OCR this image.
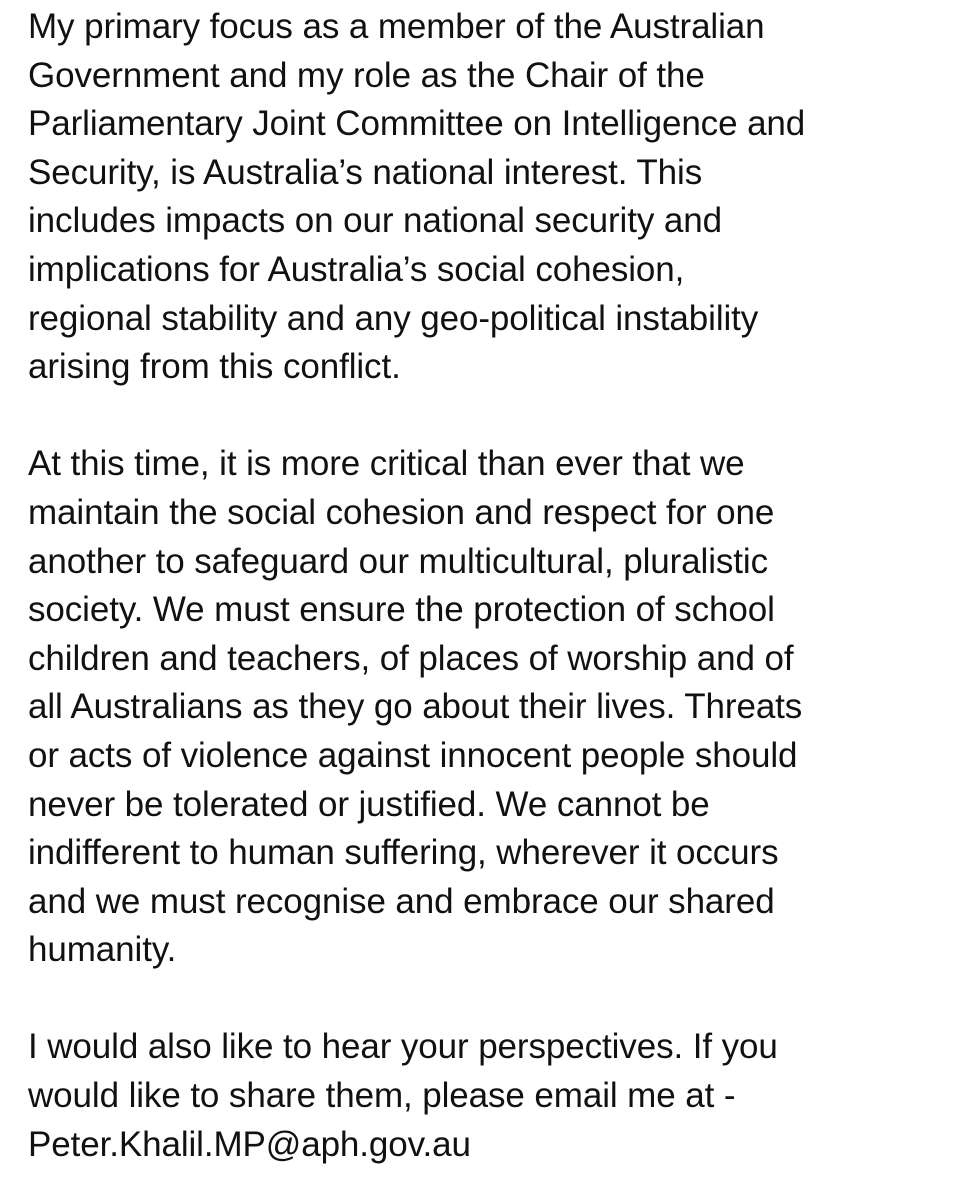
My primary focus as a member of the Australian
Government and my role as the Chair of the
Parliamentary Joint Committee on Intelligence and
Security, is Australia’s national interest. This
includes impacts on our national security and
implications for Australia’s social cohesion,
regional stability and any geo-political instability
arising from this conflict.
At this time, it is more critical than ever that we
maintain the social cohesion and respect for one
another to safeguard our multicultural, pluralistic
society. We must ensure the protection of school
children and teachers, of places of worship and of
all Australians as they go about their lives. Threats
or acts of violence against innocent people should
never be tolerated or justified. We cannot be
indifferent to human suffering, wherever it occurs
and we must recognise and embrace our shared
humanity.
I would also like to hear your perspectives. If you
would like to share them, please email me at -
Peter.Khalil.MP@aph.gov.au
